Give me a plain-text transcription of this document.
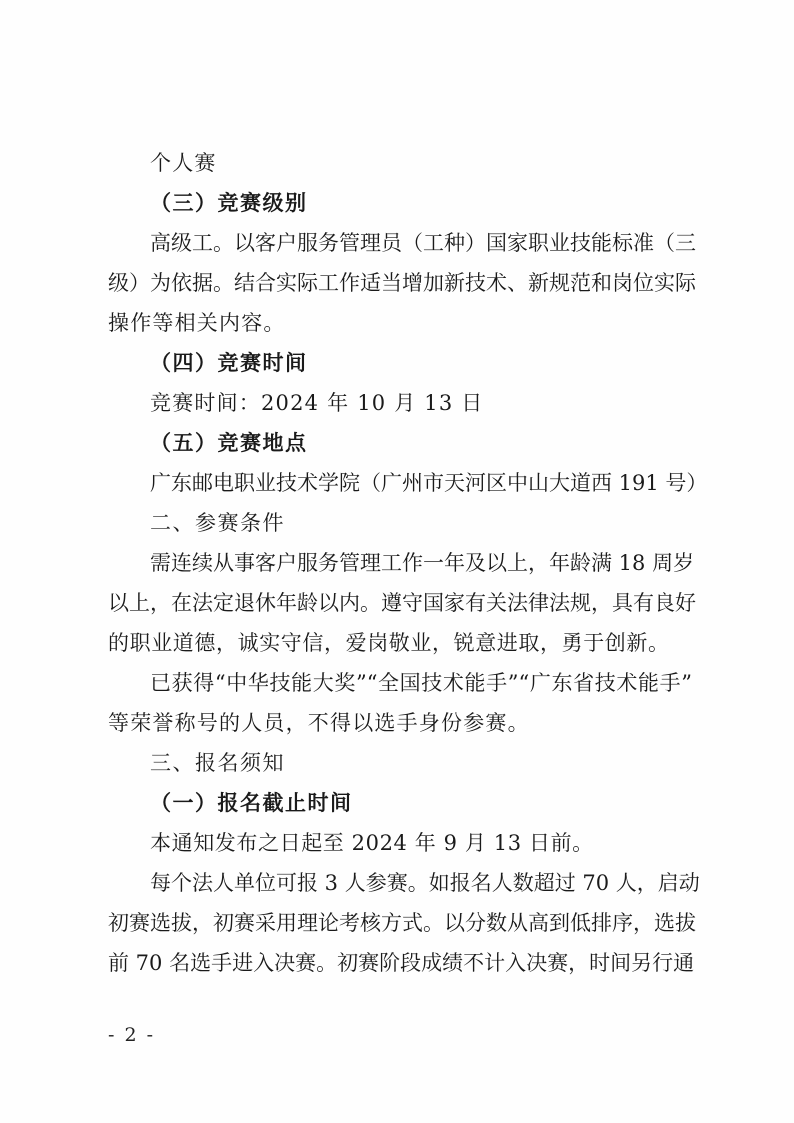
个人赛
（三）竞赛级别
高级工。以客户服务管理员（工种）国家职业技能标准（三
级）为依据。结合实际工作适当增加新技术、新规范和岗位实际
操作等相关内容。
（四）竞赛时间
竞赛时间：2024 年 10 月 13 日
（五）竞赛地点
广东邮电职业技术学院（广州市天河区中山大道西 191 号）
二、参赛条件
需连续从事客户服务管理工作一年及以上，年龄满 18 周岁
以上，在法定退休年龄以内。遵守国家有关法律法规，具有良好
的职业道德，诚实守信，爱岗敬业，锐意进取，勇于创新。
已获得“中华技能大奖”“全国技术能手”“广东省技术能手”
等荣誉称号的人员，不得以选手身份参赛。
三、报名须知
（一）报名截止时间
本通知发布之日起至 2024 年 9 月 13 日前。
每个法人单位可报 3 人参赛。如报名人数超过 70 人，启动
初赛选拔，初赛采用理论考核方式。以分数从高到低排序，选拔
前 70 名选手进入决赛。初赛阶段成绩不计入决赛，时间另行通
- 2 -
